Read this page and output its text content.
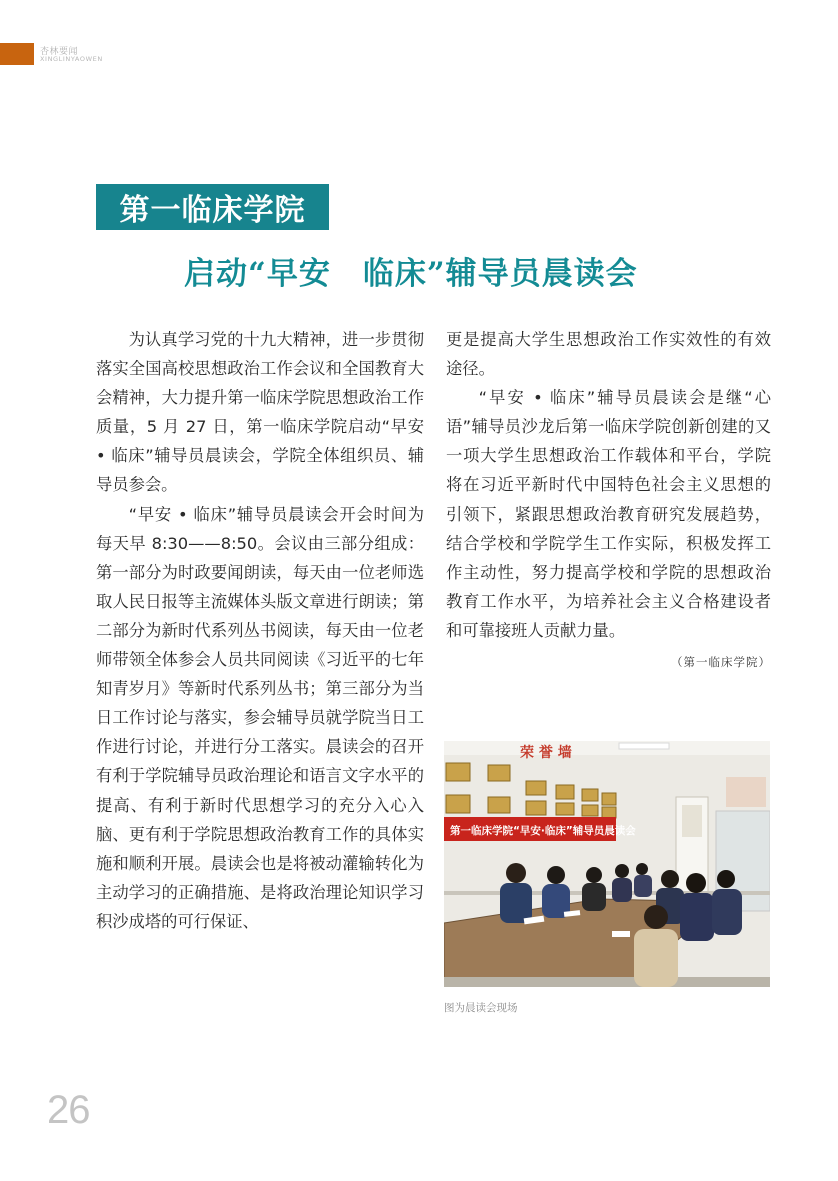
杏林要闻
XINGLINYAOWEN
第一临床学院
启动“早安　临床”辅导员晨读会

为认真学习党的十九大精神，进一步贯彻落实全国高校思想政治工作会议和全国教育大会精神，大力提升第一临床学院思想政治工作质量，5 月 27 日，第一临床学院启动“早安 • 临床”辅导员晨读会，学院全体组织员、辅导员参会。

“早安 • 临床”辅导员晨读会开会时间为每天早 8:30——8:50。会议由三部分组成：第一部分为时政要闻朗读，每天由一位老师选取人民日报等主流媒体头版文章进行朗读；第二部分为新时代系列丛书阅读，每天由一位老师带领全体参会人员共同阅读《习近平的七年知青岁月》等新时代系列丛书；第三部分为当日工作讨论与落实，参会辅导员就学院当日工作进行讨论，并进行分工落实。晨读会的召开有利于学院辅导员政治理论和语言文字水平的提高、有利于新时代思想学习的充分入心入脑、更有利于学院思想政治教育工作的具体实施和顺利开展。晨读会也是将被动灌输转化为主动学习的正确措施、是将政治理论知识学习积沙成塔的可行保证、

更是提高大学生思想政治工作实效性的有效途径。

“早安 • 临床”辅导员晨读会是继“心语”辅导员沙龙后第一临床学院创新创建的又一项大学生思想政治工作载体和平台，学院将在习近平新时代中国特色社会主义思想的引领下，紧跟思想政治教育研究发展趋势，结合学校和学院学生工作实际，积极发挥工作主动性，努力提高学校和学院的思想政治教育工作水平，为培养社会主义合格建设者和可靠接班人贡献力量。

（第一临床学院）
荣 誉 墙
第一临床学院“早安·临床”辅导员晨读会
图为晨读会现场
26
